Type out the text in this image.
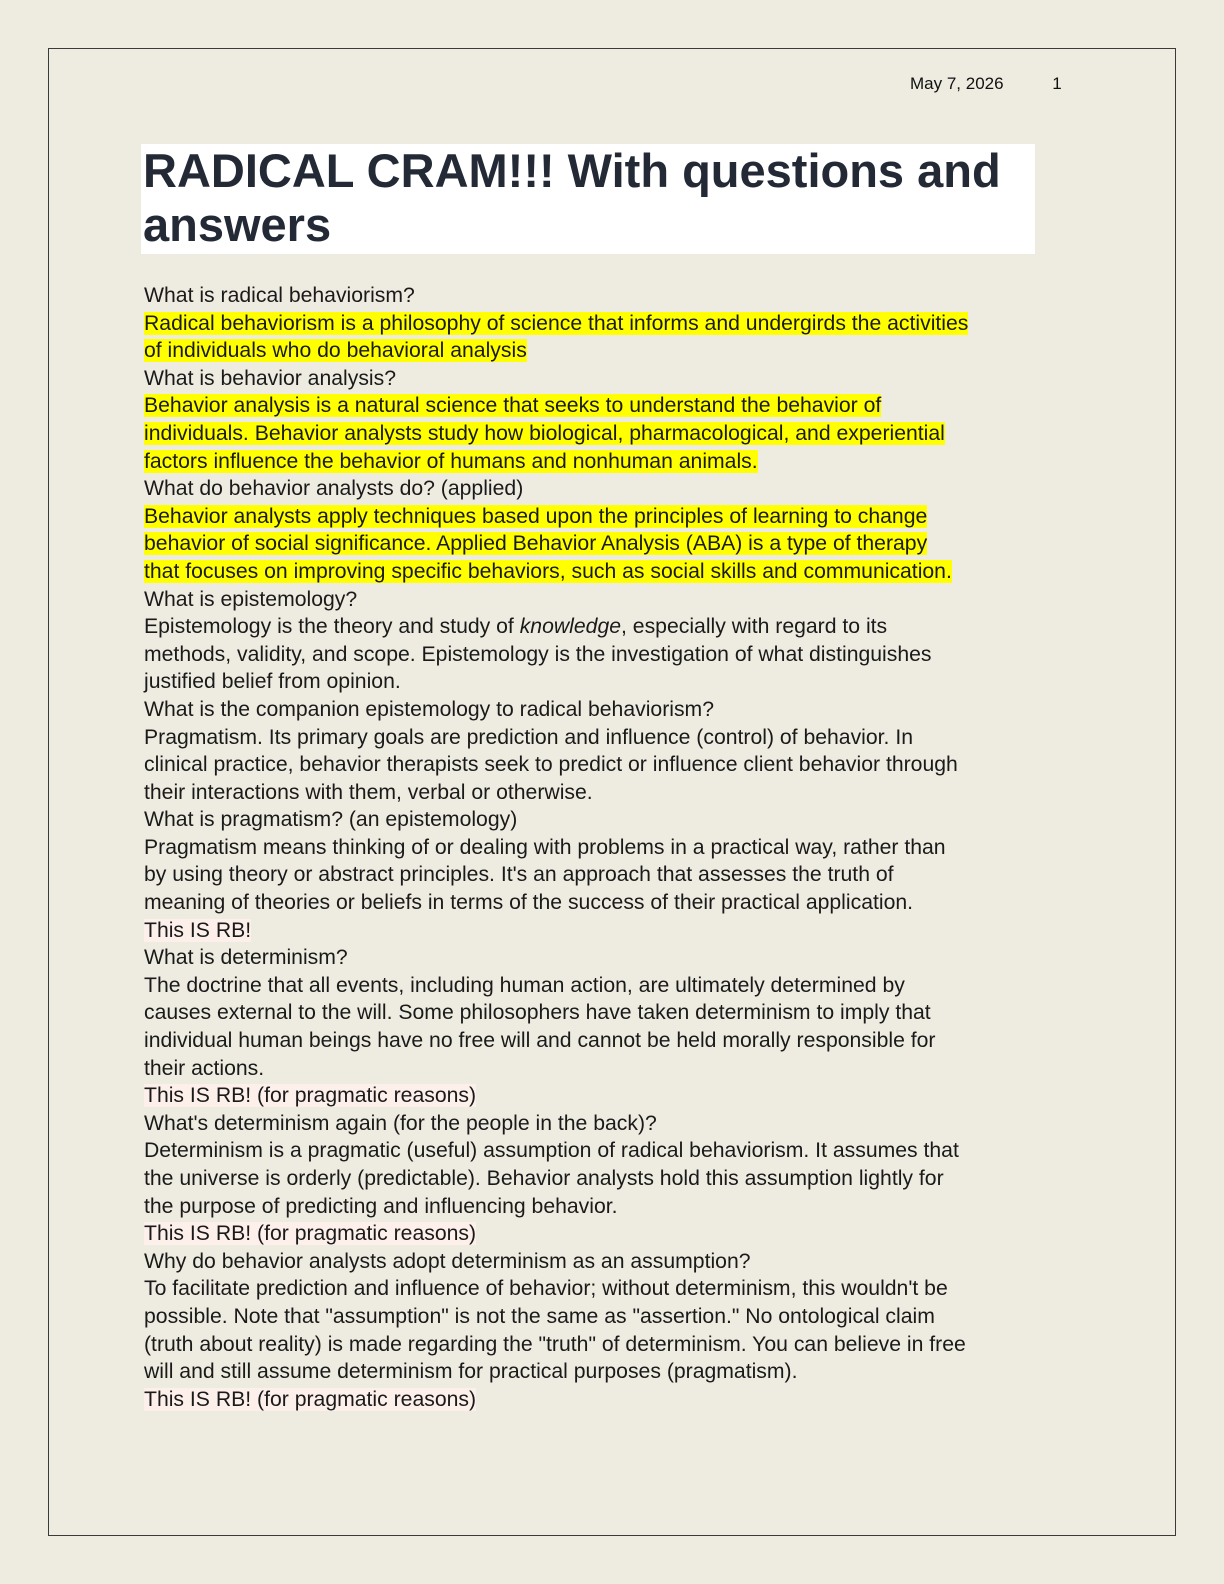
May 7, 2026	1
RADICAL CRAM!!! With questions and
answers
What is radical behaviorism?
Radical behaviorism is a philosophy of science that informs and undergirds the activities
of individuals who do behavioral analysis
What is behavior analysis?
Behavior analysis is a natural science that seeks to understand the behavior of
individuals. Behavior analysts study how biological, pharmacological, and experiential
factors influence the behavior of humans and nonhuman animals.
What do behavior analysts do? (applied)
Behavior analysts apply techniques based upon the principles of learning to change
behavior of social significance. Applied Behavior Analysis (ABA) is a type of therapy
that focuses on improving specific behaviors, such as social skills and communication.
What is epistemology?
Epistemology is the theory and study of knowledge, especially with regard to its
methods, validity, and scope. Epistemology is the investigation of what distinguishes
justified belief from opinion.
What is the companion epistemology to radical behaviorism?
Pragmatism. Its primary goals are prediction and influence (control) of behavior. In
clinical practice, behavior therapists seek to predict or influence client behavior through
their interactions with them, verbal or otherwise.
What is pragmatism? (an epistemology)
Pragmatism means thinking of or dealing with problems in a practical way, rather than
by using theory or abstract principles. It's an approach that assesses the truth of
meaning of theories or beliefs in terms of the success of their practical application.
This IS RB!
What is determinism?
The doctrine that all events, including human action, are ultimately determined by
causes external to the will. Some philosophers have taken determinism to imply that
individual human beings have no free will and cannot be held morally responsible for
their actions.
This IS RB! (for pragmatic reasons)
What's determinism again (for the people in the back)?
Determinism is a pragmatic (useful) assumption of radical behaviorism. It assumes that
the universe is orderly (predictable). Behavior analysts hold this assumption lightly for
the purpose of predicting and influencing behavior.
This IS RB! (for pragmatic reasons)
Why do behavior analysts adopt determinism as an assumption?
To facilitate prediction and influence of behavior; without determinism, this wouldn't be
possible. Note that "assumption" is not the same as "assertion." No ontological claim
(truth about reality) is made regarding the "truth" of determinism. You can believe in free
will and still assume determinism for practical purposes (pragmatism).
This IS RB! (for pragmatic reasons)
